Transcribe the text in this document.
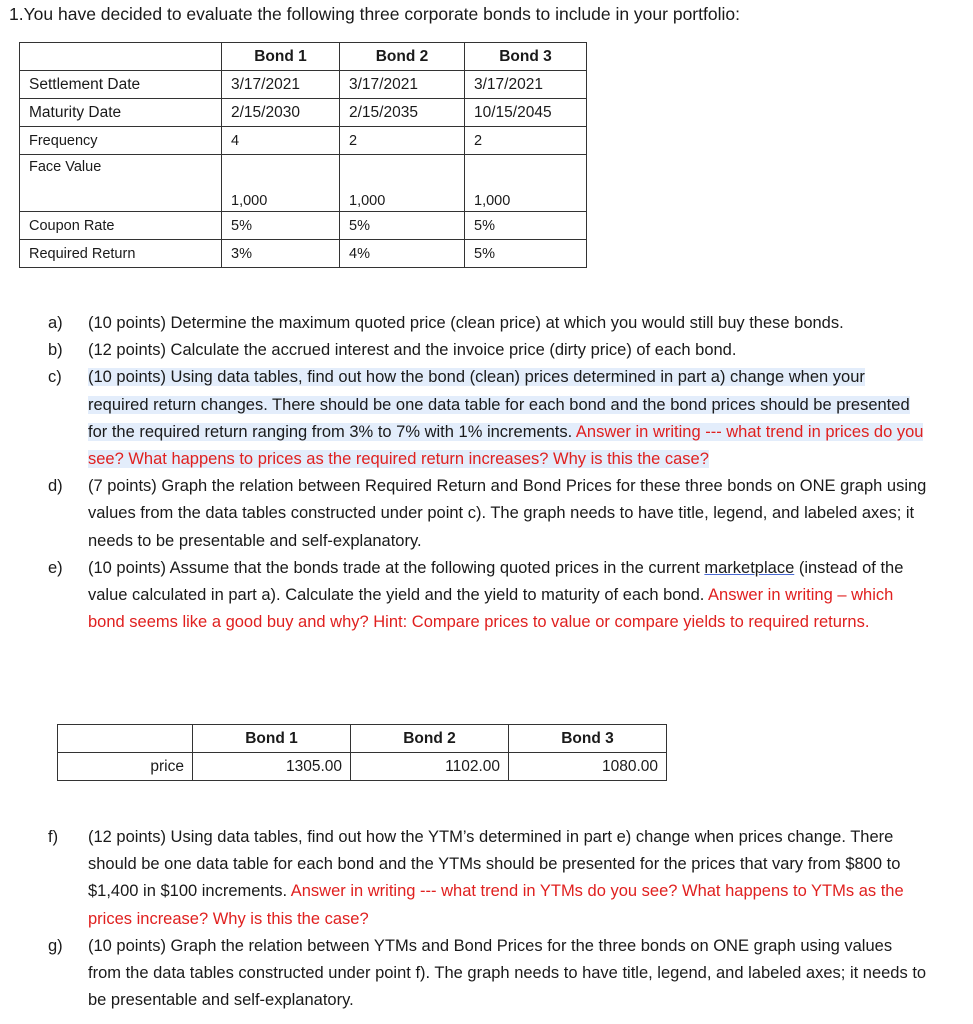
1.You have decided to evaluate the following three corporate bonds to include in your portfolio:
	Bond 1	Bond 2	Bond 3
Settlement Date	3/17/2021	3/17/2021	3/17/2021
Maturity Date	2/15/2030	2/15/2035	10/15/2045
Frequency	4	2	2
Face Value	1,000	1,000	1,000
Coupon Rate	5%	5%	5%
Required Return	3%	4%	5%
a)	(10 points) Determine the maximum quoted price (clean price) at which you would still buy these bonds.
b)	(12 points) Calculate the accrued interest and the invoice price (dirty price) of each bond.
c)	(10 points) Using data tables, find out how the bond (clean) prices determined in part a) change when your required return changes. There should be one data table for each bond and the bond prices should be presented for the required return ranging from 3% to 7% with 1% increments. Answer in writing --- what trend in prices do you see? What happens to prices as the required return increases? Why is this the case?
d)	(7 points) Graph the relation between Required Return and Bond Prices for these three bonds on ONE graph using values from the data tables constructed under point c). The graph needs to have title, legend, and labeled axes; it needs to be presentable and self-explanatory.
e)	(10 points) Assume that the bonds trade at the following quoted prices in the current marketplace (instead of the value calculated in part a). Calculate the yield and the yield to maturity of each bond. Answer in writing – which bond seems like a good buy and why? Hint: Compare prices to value or compare yields to required returns.
	Bond 1	Bond 2	Bond 3
price	1305.00	1102.00	1080.00
f)	(12 points) Using data tables, find out how the YTM’s determined in part e) change when prices change. There should be one data table for each bond and the YTMs should be presented for the prices that vary from $800 to $1,400 in $100 increments. Answer in writing --- what trend in YTMs do you see? What happens to YTMs as the prices increase? Why is this the case?
g)	(10 points) Graph the relation between YTMs and Bond Prices for the three bonds on ONE graph using values from the data tables constructed under point f). The graph needs to have title, legend, and labeled axes; it needs to be presentable and self-explanatory.
